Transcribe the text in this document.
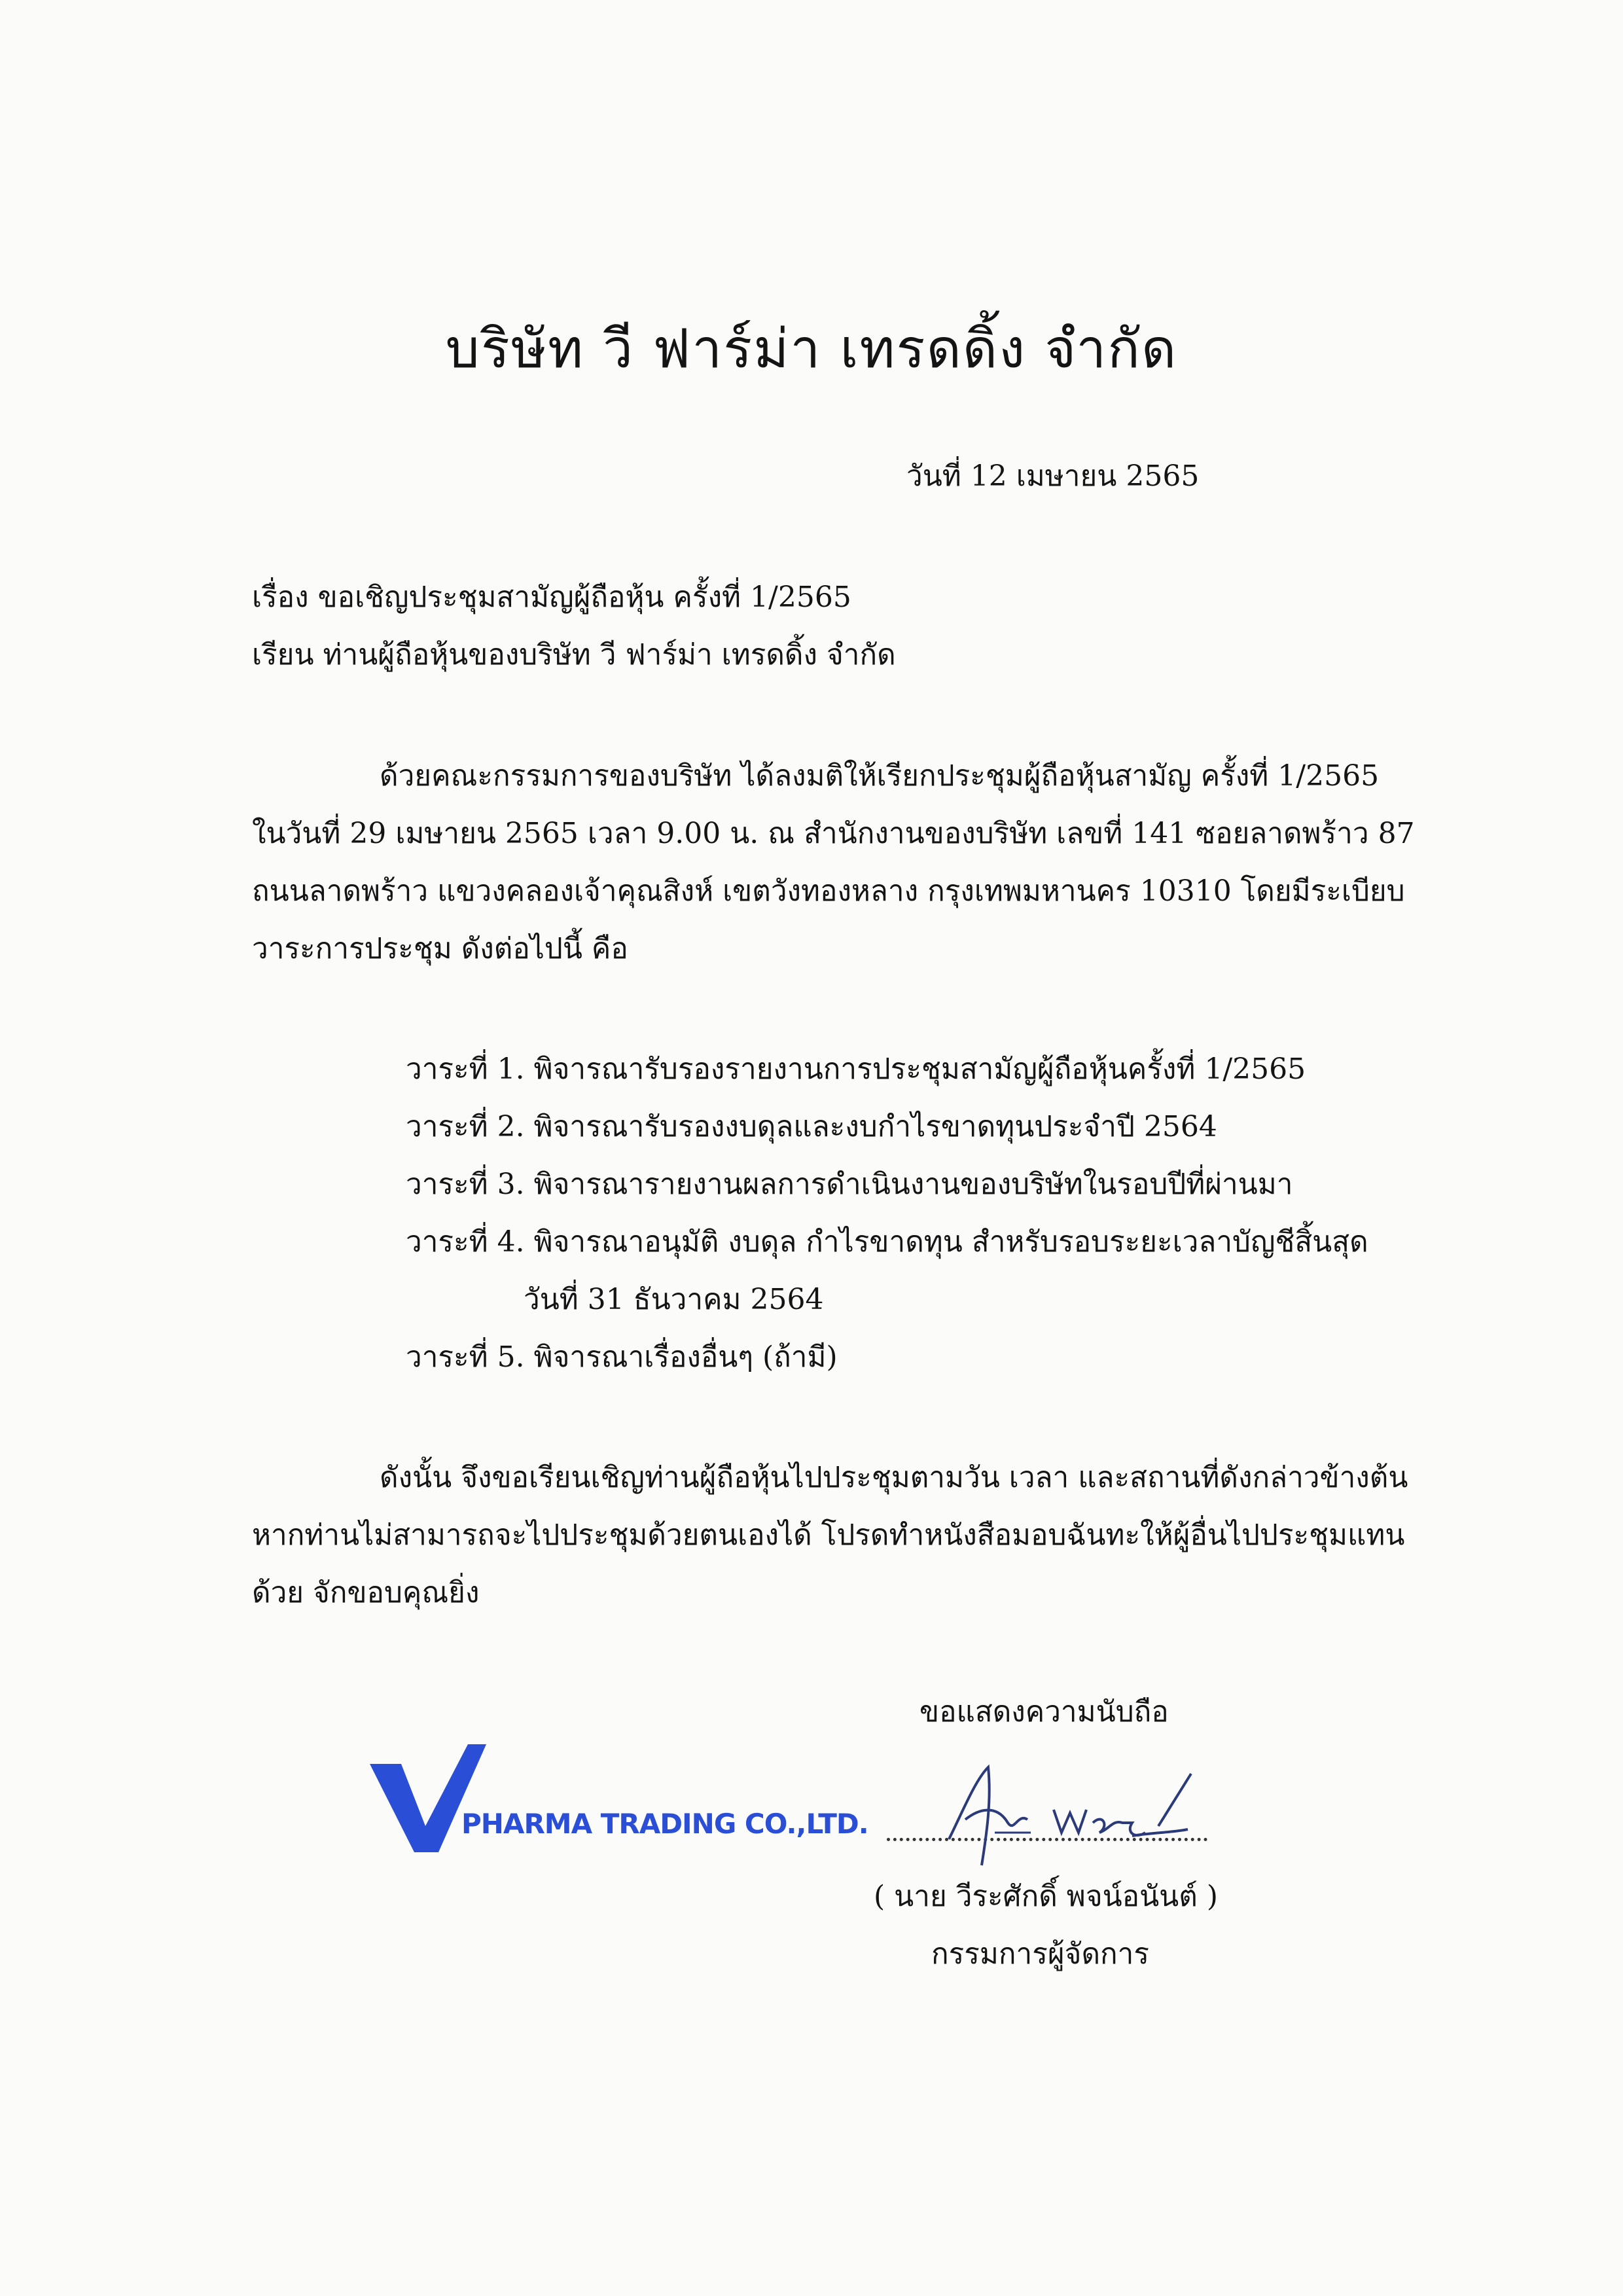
บริษัท วี ฟาร์ม่า เทรดดิ้ง จำกัด
วันที่ 12 เมษายน 2565
เรื่อง ขอเชิญประชุมสามัญผู้ถือหุ้น ครั้งที่ 1/2565
เรียน ท่านผู้ถือหุ้นของบริษัท วี ฟาร์ม่า เทรดดิ้ง จำกัด
ด้วยคณะกรรมการของบริษัท ได้ลงมติให้เรียกประชุมผู้ถือหุ้นสามัญ ครั้งที่ 1/2565
ในวันที่ 29 เมษายน 2565 เวลา 9.00 น. ณ สำนักงานของบริษัท เลขที่ 141 ซอยลาดพร้าว 87
ถนนลาดพร้าว แขวงคลองเจ้าคุณสิงห์ เขตวังทองหลาง กรุงเทพมหานคร 10310 โดยมีระเบียบ
วาระการประชุม ดังต่อไปนี้ คือ
วาระที่ 1. พิจารณารับรองรายงานการประชุมสามัญผู้ถือหุ้นครั้งที่ 1/2565
วาระที่ 2. พิจารณารับรองงบดุลและงบกำไรขาดทุนประจำปี 2564
วาระที่ 3. พิจารณารายงานผลการดำเนินงานของบริษัทในรอบปีที่ผ่านมา
วาระที่ 4. พิจารณาอนุมัติ งบดุล กำไรขาดทุน สำหรับรอบระยะเวลาบัญชีสิ้นสุด
วันที่ 31 ธันวาคม 2564
วาระที่ 5. พิจารณาเรื่องอื่นๆ (ถ้ามี)
ดังนั้น จึงขอเรียนเชิญท่านผู้ถือหุ้นไปประชุมตามวัน เวลา และสถานที่ดังกล่าวข้างต้น
หากท่านไม่สามารถจะไปประชุมด้วยตนเองได้ โปรดทำหนังสือมอบฉันทะให้ผู้อื่นไปประชุมแทน
ด้วย จักขอบคุณยิ่ง
ขอแสดงความนับถือ
PHARMA TRADING CO.,LTD.
( นาย วีระศักดิ์ พจน์อนันต์ )
กรรมการผู้จัดการ
